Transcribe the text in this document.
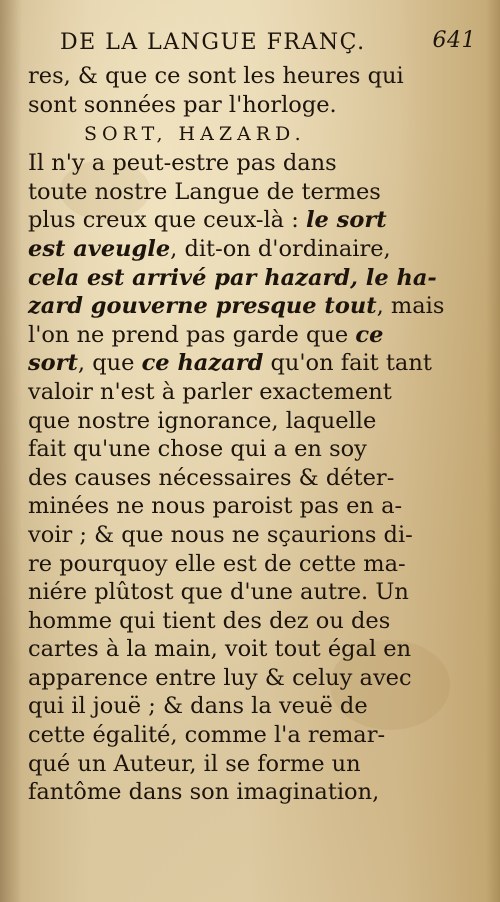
DE LA LANGUE FRANÇ.	641
res, & que ce sont les heures qui
sont sonnées par l'horloge.
SORT, HAZARD.
Il n'y a peut-estre pas dans
toute nostre Langue de termes
plus creux que ceux-là : le sort
est aveugle, dit-on d'ordinaire,
cela est arrivé par hazard, le ha-
zard gouverne presque tout, mais
l'on ne prend pas garde que ce
sort, que ce hazard qu'on fait tant
valoir n'est à parler exactement
que nostre ignorance, laquelle
fait qu'une chose qui a en soy
des causes nécessaires & déter-
minées ne nous paroist pas en a-
voir ; & que nous ne sçaurions di-
re pourquoy elle est de cette ma-
niére plûtost que d'une autre. Un
homme qui tient des dez ou des
cartes à la main, voit tout égal en
apparence entre luy & celuy avec
qui il jouë ; & dans la veuë de
cette égalité, comme l'a remar-
qué un Auteur, il se forme un
fantôme dans son imagination,
